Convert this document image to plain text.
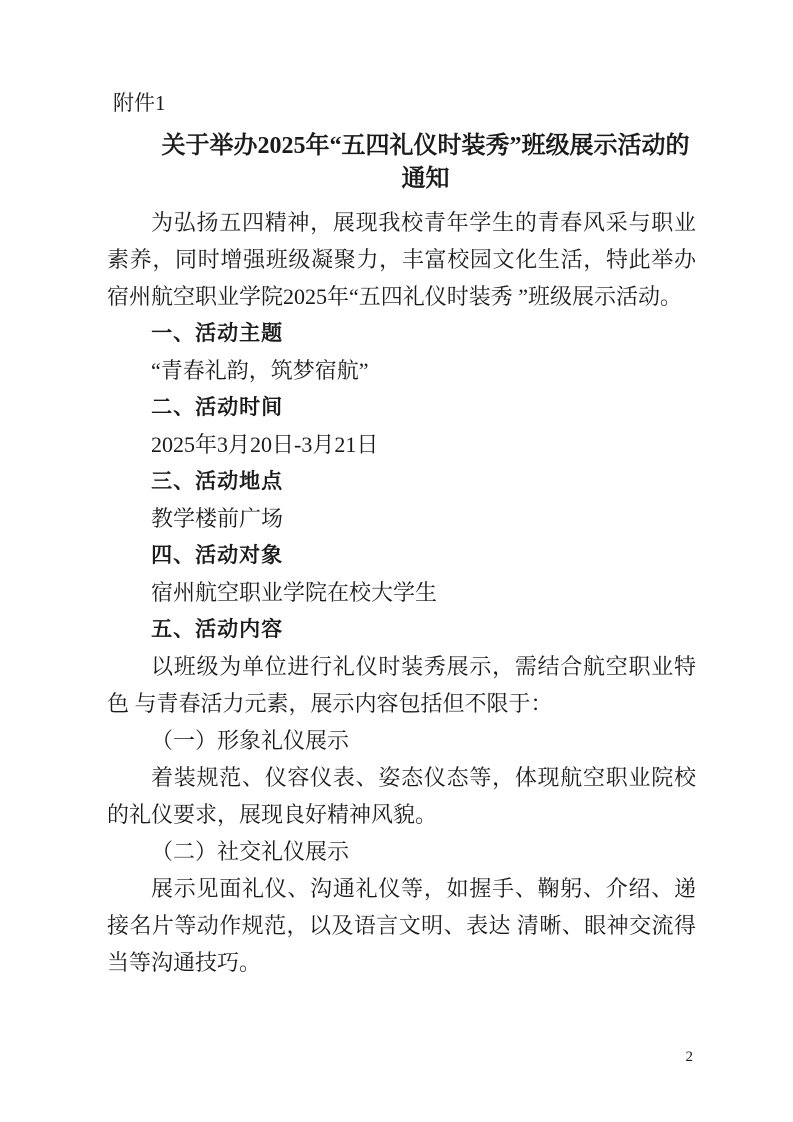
附件1

关于举办2025年“五四礼仪时装秀”班级展示活动的
通知

为弘扬五四精神，展现我校青年学生的青春风采与职业素养，同时增强班级凝聚力，丰富校园文化生活，特此举办宿州航空职业学院2025年“五四礼仪时装秀 ”班级展示活动。

一、活动主题

“青春礼韵，筑梦宿航”

二、活动时间

2025年3月20日-3月21日

三、活动地点

教学楼前广场

四、活动对象

宿州航空职业学院在校大学生

五、活动内容

以班级为单位进行礼仪时装秀展示，需结合航空职业特色 与青春活力元素，展示内容包括但不限于：

（一）形象礼仪展示

着装规范、仪容仪表、姿态仪态等，体现航空职业院校的礼仪要求，展现良好精神风貌。

（二）社交礼仪展示

展示见面礼仪、沟通礼仪等，如握手、鞠躬、介绍、递接名片等动作规范，以及语言文明、表达 清晰、眼神交流得当等沟通技巧。

2
